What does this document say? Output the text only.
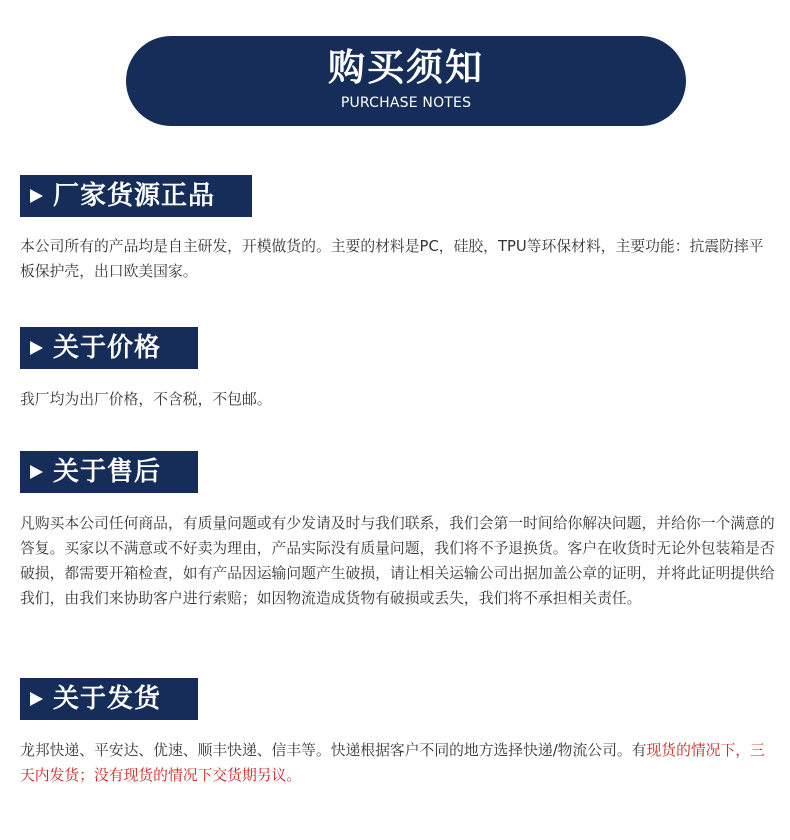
购买须知
PURCHASE NOTES
厂家货源正品
本公司所有的产品均是自主研发，开模做货的。主要的材料是PC，硅胶，TPU等环保材料，主要功能：抗震防摔平板保护壳，出口欧美国家。
关于价格
我厂均为出厂价格，不含税，不包邮。
关于售后
凡购买本公司任何商品，有质量问题或有少发请及时与我们联系，我们会第一时间给你解决问题，并给你一个满意的答复。买家以不满意或不好卖为理由，产品实际没有质量问题，我们将不予退换货。客户在收货时无论外包装箱是否破损，都需要开箱检查，如有产品因运输问题产生破损，请让相关运输公司出据加盖公章的证明，并将此证明提供给我们，由我们来协助客户进行索赔；如因物流造成货物有破损或丢失，我们将不承担相关责任。
关于发货
龙邦快递、平安达、优速、顺丰快递、信丰等。快递根据客户不同的地方选择快递/物流公司。有现货的情况下，三天内发货；没有现货的情况下交货期另议。
